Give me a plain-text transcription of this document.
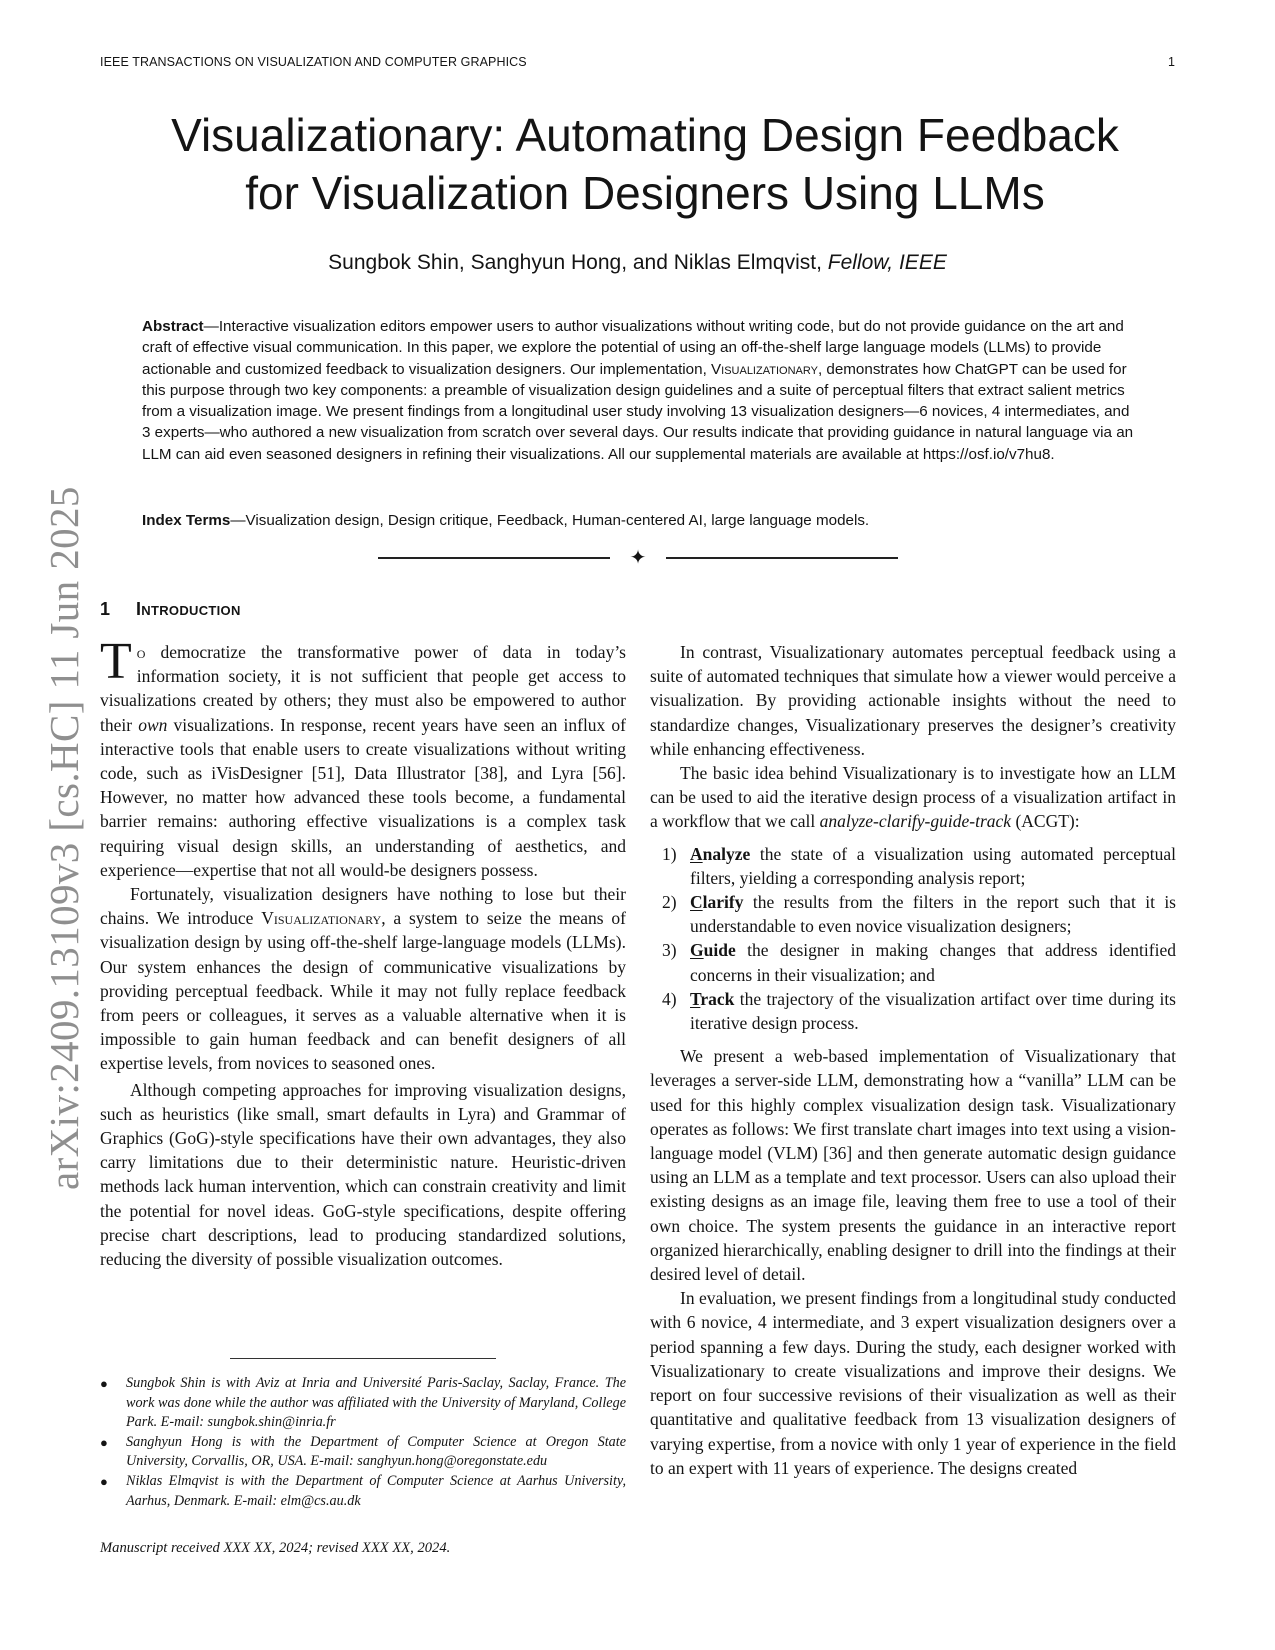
IEEE TRANSACTIONS ON VISUALIZATION AND COMPUTER GRAPHICS	1
Visualizationary: Automating Design Feedback
for Visualization Designers Using LLMs
Sungbok Shin, Sanghyun Hong, and Niklas Elmqvist, Fellow, IEEE
Abstract—Interactive visualization editors empower users to author visualizations without writing code, but do not provide guidance on the art and craft of effective visual communication. In this paper, we explore the potential of using an off-the-shelf large language models (LLMs) to provide actionable and customized feedback to visualization designers. Our implementation, Visualizationary, demonstrates how ChatGPT can be used for this purpose through two key components: a preamble of visualization design guidelines and a suite of perceptual filters that extract salient metrics from a visualization image. We present findings from a longitudinal user study involving 13 visualization designers—6 novices, 4 intermediates, and 3 experts—who authored a new visualization from scratch over several days. Our results indicate that providing guidance in natural language via an LLM can aid even seasoned designers in refining their visualizations. All our supplemental materials are available at https://osf.io/v7hu8.
Index Terms—Visualization design, Design critique, Feedback, Human-centered AI, large language models.
✦
arXiv:2409.13109v3 [cs.HC] 11 Jun 2025 1 Introduction

To democratize the transformative power of data in today’s information society, it is not sufficient that people get access to visualizations created by others; they must also be empowered to author their own visualizations. In response, recent years have seen an influx of interactive tools that enable users to create visualizations without writing code, such as iVisDesigner [51], Data Illustrator [38], and Lyra [56]. However, no matter how advanced these tools become, a fundamental barrier remains: authoring effective visualizations is a complex task requiring visual design skills, an understanding of aesthetics, and experience—expertise that not all would-be designers possess.

Fortunately, visualization designers have nothing to lose but their chains. We introduce Visualizationary, a system to seize the means of visualization design by using off-the-shelf large-language models (LLMs). Our system enhances the design of communicative visualizations by providing perceptual feedback. While it may not fully replace feedback from peers or colleagues, it serves as a valuable alternative when it is impossible to gain human feedback and can benefit designers of all expertise levels, from novices to seasoned ones.

Although competing approaches for improving visualization designs, such as heuristics (like small, smart defaults in Lyra) and Grammar of Graphics (GoG)-style specifications have their own advantages, they also carry limitations due to their deterministic nature. Heuristic-driven methods lack human intervention, which can constrain creativity and limit the potential for novel ideas. GoG-style specifications, despite offering precise chart descriptions, lead to producing standardized solutions, reducing the diversity of possible visualization outcomes.

In contrast, Visualizationary automates perceptual feedback using a suite of automated techniques that simulate how a viewer would perceive a visualization. By providing actionable insights without the need to standardize changes, Visualizationary preserves the designer’s creativity while enhancing effectiveness.

The basic idea behind Visualizationary is to investigate how an LLM can be used to aid the iterative design process of a visualization artifact in a workflow that we call analyze-clarify-guide-track (ACGT):

1) Analyze the state of a visualization using automated perceptual filters, yielding a corresponding analysis report;
2) Clarify the results from the filters in the report such that it is understandable to even novice visualization designers;
3) Guide the designer in making changes that address identified concerns in their visualization; and
4) Track the trajectory of the visualization artifact over time during its iterative design process.

We present a web-based implementation of Visualizationary that leverages a server-side LLM, demonstrating how a “vanilla” LLM can be used for this highly complex visualization design task. Visualizationary operates as follows: We first translate chart images into text using a vision-language model (VLM) [36] and then generate automatic design guidance using an LLM as a template and text processor. Users can also upload their existing designs as an image file, leaving them free to use a tool of their own choice. The system presents the guidance in an interactive report organized hierarchically, enabling designer to drill into the findings at their desired level of detail.

In evaluation, we present findings from a longitudinal study conducted with 6 novice, 4 intermediate, and 3 expert visualization designers over a period spanning a few days. During the study, each designer worked with Visualizationary to create visualizations and improve their designs. We report on four successive revisions of their visualization as well as their quantitative and qualitative feedback from 13 visualization designers of varying expertise, from a novice with only 1 year of experience in the field to an expert with 11 years of experience. The designs created

● Sungbok Shin is with Aviz at Inria and Université Paris-Saclay, Saclay, France. The work was done while the author was affiliated with the University of Maryland, College Park. E-mail: sungbok.shin@inria.fr
● Sanghyun Hong is with the Department of Computer Science at Oregon State University, Corvallis, OR, USA. E-mail: sanghyun.hong@oregonstate.edu
● Niklas Elmqvist is with the Department of Computer Science at Aarhus University, Aarhus, Denmark. E-mail: elm@cs.au.dk
Manuscript received XXX XX, 2024; revised XXX XX, 2024.
